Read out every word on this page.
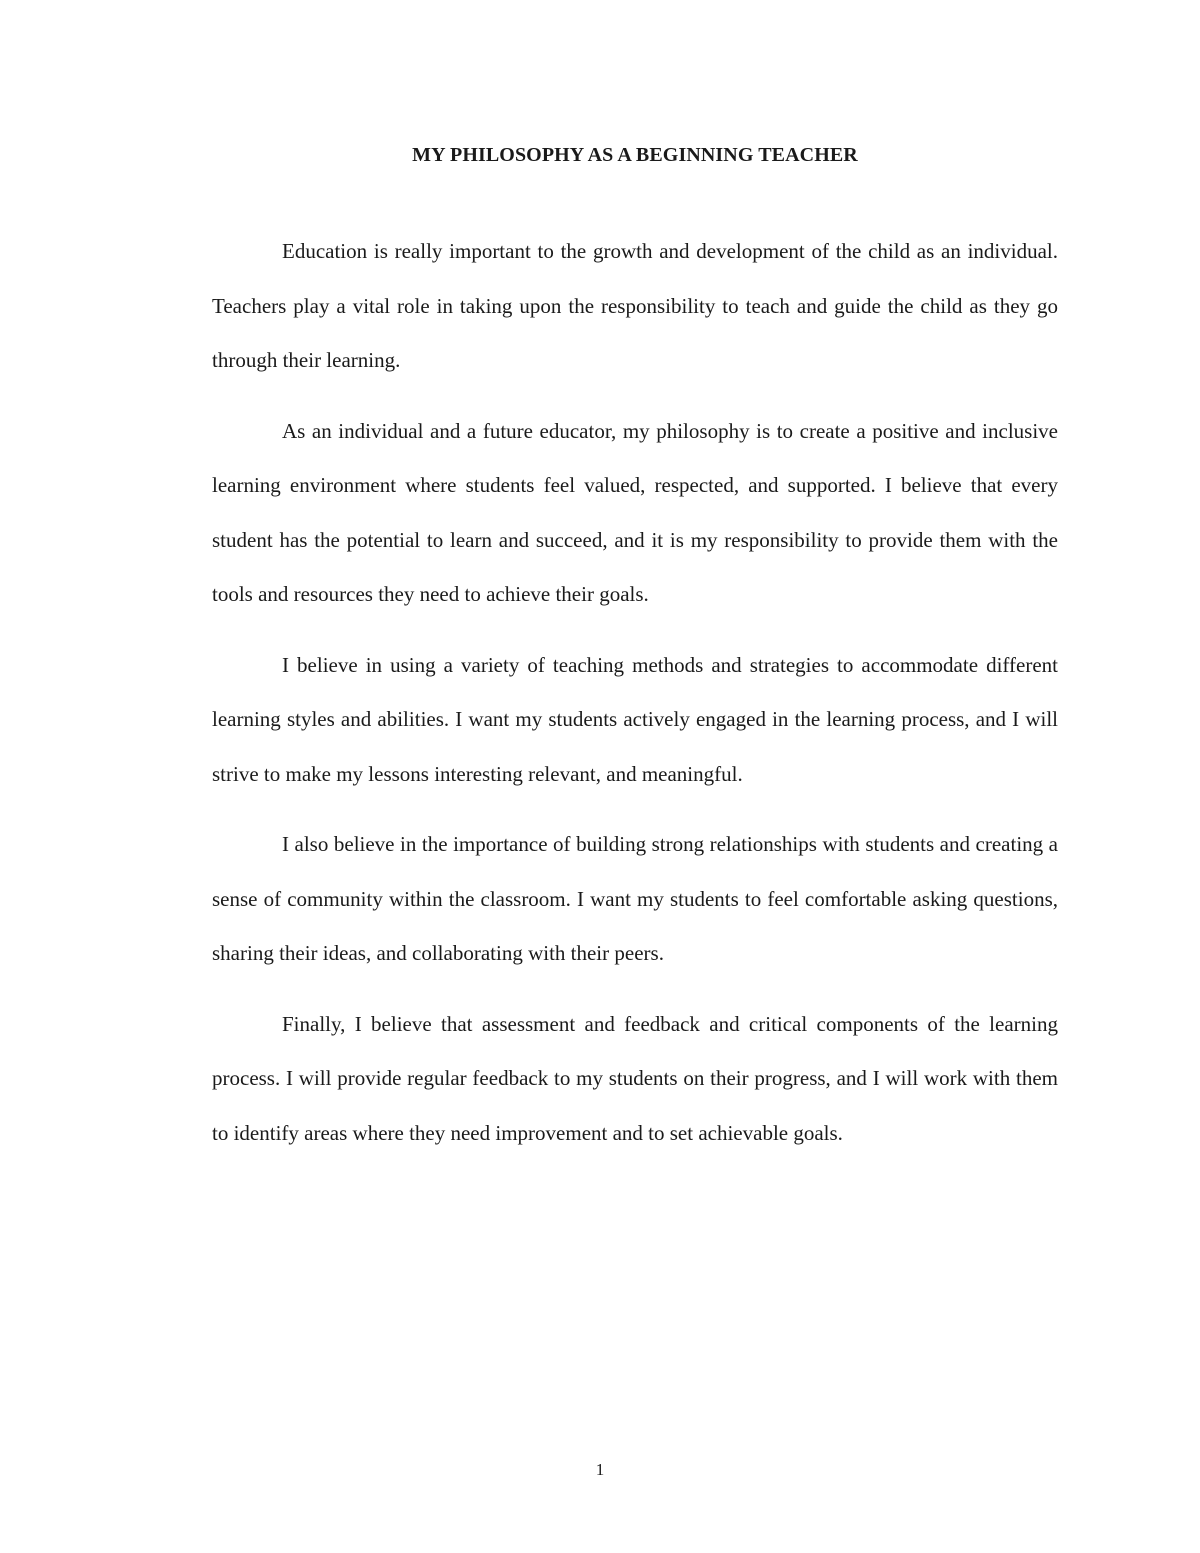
MY PHILOSOPHY AS A BEGINNING TEACHER

Education is really important to the growth and development of the child as an individual. Teachers play a vital role in taking upon the responsibility to teach and guide the child as they go through their learning.

As an individual and a future educator, my philosophy is to create a positive and inclusive learning environment where students feel valued, respected, and supported. I believe that every student has the potential to learn and succeed, and it is my responsibility to provide them with the tools and resources they need to achieve their goals.

I believe in using a variety of teaching methods and strategies to accommodate different learning styles and abilities. I want my students actively engaged in the learning process, and I will strive to make my lessons interesting relevant, and meaningful.

I also believe in the importance of building strong relationships with students and creating a sense of community within the classroom. I want my students to feel comfortable asking questions, sharing their ideas, and collaborating with their peers.

Finally, I believe that assessment and feedback and critical components of the learning process. I will provide regular feedback to my students on their progress, and I will work with them to identify areas where they need improvement and to set achievable goals.

1
